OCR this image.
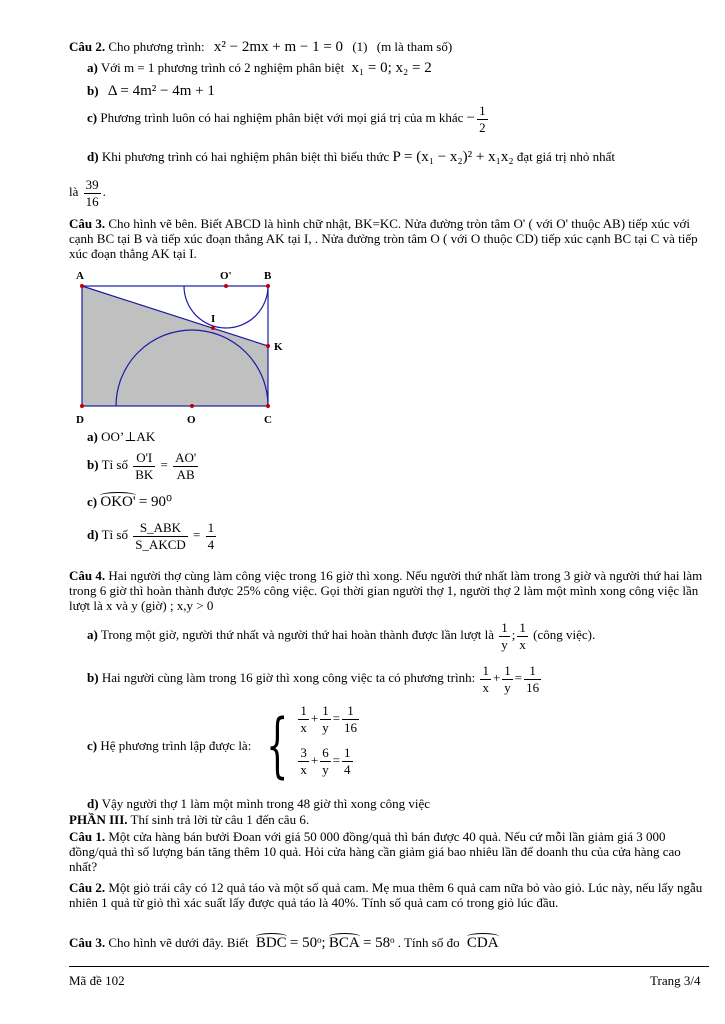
Câu 2. Cho phương trình: x² − 2mx + m − 1 = 0 (1) (m là tham số)
a) Với m = 1 phương trình có 2 nghiệm phân biệt x₁ = 0; x₂ = 2
b) Δ = 4m² − 4m + 1
c) Phương trình luôn có hai nghiệm phân biệt với mọi giá trị của m khác − $\frac{1}{2}$
d) Khi phương trình có hai nghiệm phân biệt thì biểu thức P = (x₁ − x₂)² + x₁x₂ đạt giá trị nhỏ nhất
là $\frac{39}{16}$ .
Câu 3. Cho hình vẽ bên. Biết ABCD là hình chữ nhật, BK=KC. Nửa đường tròn tâm O' ( với O' thuộc AB) tiếp xúc với cạnh BC tại B và tiếp xúc đoạn thẳng AK tại I, . Nửa đường tròn tâm O ( với O thuộc CD) tiếp xúc cạnh BC tại C và tiếp xúc đoạn thẳng AK tại I.
A	O'	B
I
K
D	O	C
a) OO’⊥AK
b) Tỉ số $\frac{O'I}{BK} = \frac{AO'}{AB}$
c) OKO' = 90⁰
d) Tỉ số $\frac{\text{S\_ABK}}{\text{S\_AKCD}} = \frac{1}{4}$
Câu 4. Hai người thợ cùng làm công việc trong 16 giờ thì xong. Nếu người thứ nhất làm trong 3 giờ và người thứ hai làm trong 6 giờ thì hoàn thành được 25% công việc. Gọi thời gian người thợ 1, người thợ 2 làm một mình xong công việc lần lượt là x và y (giờ) ; x,y > 0
a) Trong một giờ, người thứ nhất và người thứ hai hoàn thành được lần lượt là $\frac{1}{y}$ ; $\frac{1}{x}$ (công việc).
b) Hai người cùng làm trong 16 giờ thì xong công việc ta có phương trình: $\frac{1}{x} + \frac{1}{y} = \frac{1}{16}$
c) Hệ phương trình lập được là: { $\frac{1}{x} + \frac{1}{y} = \frac{1}{16}$
$\frac{3}{x} + \frac{6}{y} = \frac{1}{4}$
d) Vậy người thợ 1 làm một mình trong 48 giờ thì xong công việc
PHẦN III. Thí sinh trả lời từ câu 1 đến câu 6.
Câu 1. Một cửa hàng bán bưởi Đoan với giá 50 000 đồng/quả thì bán được 40 quả. Nếu cứ mỗi lần giảm giá 3 000 đồng/quả thì số lượng bán tăng thêm 10 quả. Hỏi cửa hàng cần giảm giá bao nhiêu lần để doanh thu của cửa hàng cao nhất?
Câu 2. Một giỏ trái cây có 12 quả táo và một số quả cam. Mẹ mua thêm 6 quả cam nữa bỏ vào giỏ. Lúc này, nếu lấy ngẫu nhiên 1 quả từ giỏ thì xác suất lấy được quả táo là 40%. Tính số quả cam có trong giỏ lúc đầu.
Câu 3. Cho hình vẽ dưới đây. Biết BDC = 50ᵒ; BCA = 58ᵒ . Tính số đo CDA
Mã đề 102	Trang 3/4
